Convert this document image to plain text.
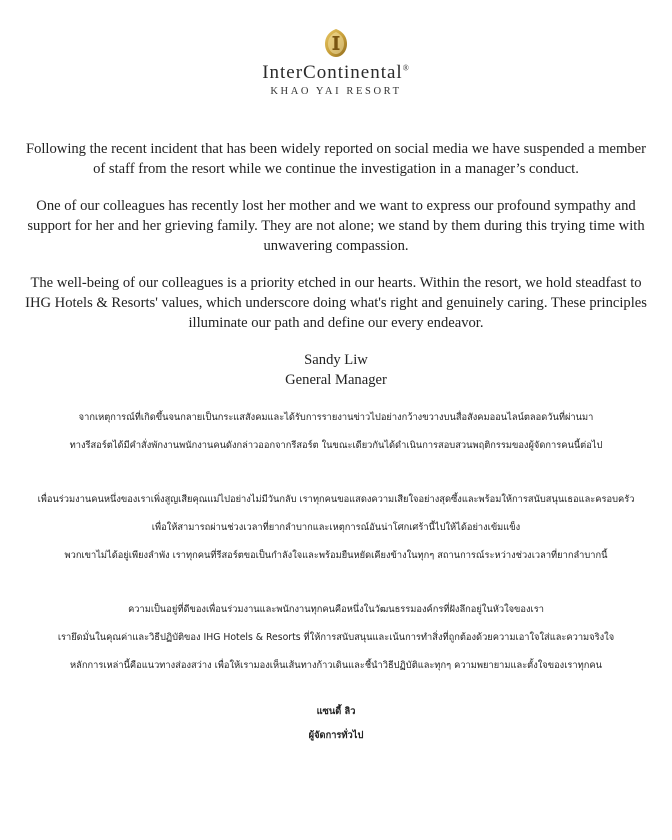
InterContinental®
KHAO YAI RESORT

Following the recent incident that has been widely reported on social media we have suspended a member of staff from the resort while we continue the investigation in a manager’s conduct.

One of our colleagues has recently lost her mother and we want to express our profound sympathy and support for her and her grieving family. They are not alone; we stand by them during this trying time with unwavering compassion.

The well-being of our colleagues is a priority etched in our hearts. Within the resort, we hold steadfast to IHG Hotels & Resorts' values, which underscore doing what's right and genuinely caring. These principles illuminate our path and define our every endeavor.

Sandy Liw
General Manager
จากเหตุการณ์ที่เกิดขึ้นจนกลายเป็นกระแสสังคมและได้รับการรายงานข่าวไปอย่างกว้างขวางบนสื่อสังคมออนไลน์ตลอดวันที่ผ่านมา
ทางรีสอร์ตได้มีคำสั่งพักงานพนักงานคนดังกล่าวออกจากรีสอร์ต ในขณะเดียวกันได้ดำเนินการสอบสวนพฤติกรรมของผู้จัดการคนนี้ต่อไป
เพื่อนร่วมงานคนหนึ่งของเราเพิ่งสูญเสียคุณแม่ไปอย่างไม่มีวันกลับ เราทุกคนขอแสดงความเสียใจอย่างสุดซึ้งและพร้อมให้การสนับสนุนเธอและครอบครัว
เพื่อให้สามารถผ่านช่วงเวลาที่ยากลำบากและเหตุการณ์อันน่าโศกเศร้านี้ไปให้ได้อย่างเข้มแข็ง
พวกเขาไม่ได้อยู่เพียงลำพัง เราทุกคนที่รีสอร์ตขอเป็นกำลังใจและพร้อมยืนหยัดเคียงข้างในทุกๆ สถานการณ์ระหว่างช่วงเวลาที่ยากลำบากนี้
ความเป็นอยู่ที่ดีของเพื่อนร่วมงานและพนักงานทุกคนคือหนึ่งในวัฒนธรรมองค์กรที่ฝังลึกอยู่ในหัวใจของเรา
เรายึดมั่นในคุณค่าและวิธีปฏิบัติของ IHG Hotels & Resorts ที่ให้การสนับสนุนและเน้นการทำสิ่งที่ถูกต้องด้วยความเอาใจใส่และความจริงใจ
หลักการเหล่านี้คือแนวทางส่องสว่าง เพื่อให้เรามองเห็นเส้นทางก้าวเดินและชี้นำวิธีปฏิบัติและทุกๆ ความพยายามและตั้งใจของเราทุกคน
แซนดี้ ลิว
ผู้จัดการทั่วไป
